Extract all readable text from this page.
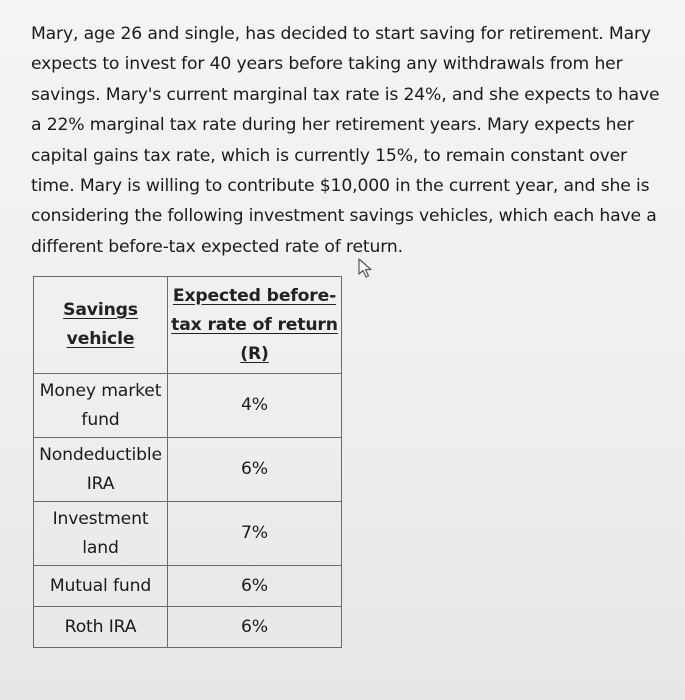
Mary, age 26 and single, has decided to start saving for retirement. Mary
expects to invest for 40 years before taking any withdrawals from her
savings. Mary's current marginal tax rate is 24%, and she expects to have
a 22% marginal tax rate during her retirement years. Mary expects her
capital gains tax rate, which is currently 15%, to remain constant over
time. Mary is willing to contribute $10,000 in the current year, and she is
considering the following investment savings vehicles, which each have a
different before-tax expected rate of return.

Savings
vehicle	Expected before-
tax rate of return
(R)

Money market
fund	4%

Nondeductible
IRA	6%

Investment
land	7%

Mutual fund	6%

Roth IRA	6%
